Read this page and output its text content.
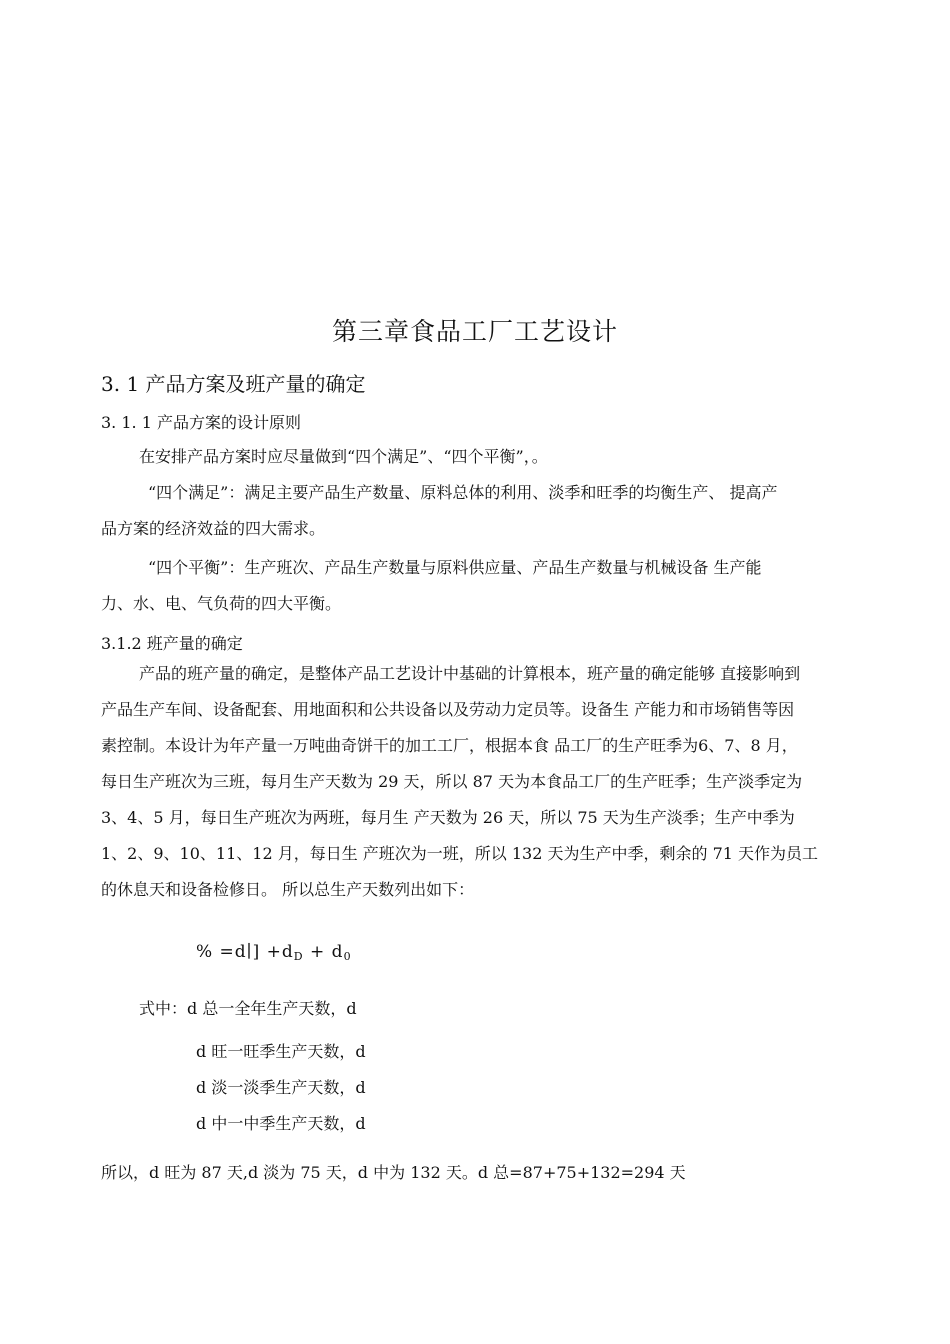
第三章食品工厂工艺设计
3. 1 产品方案及班产量的确定
3. 1. 1 产品方案的设计原则
在安排产品方案时应尽量做到“四个满足”、“四个平衡”，。
“四个满足”：满足主要产品生产数量、原料总体的利用、淡季和旺季的均衡生产、 提高产
品方案的经济效益的四大需求。
“四个平衡”：生产班次、产品生产数量与原料供应量、产品生产数量与机械设备 生产能
力、水、电、气负荷的四大平衡。
3.1.2 班产量的确定
产品的班产量的确定，是整体产品工艺设计中基础的计算根本，班产量的确定能够 直接影响到
产品生产车间、设备配套、用地面积和公共设备以及劳动力定员等。设备生 产能力和市场销售等因
素控制。本设计为年产量一万吨曲奇饼干的加工工厂，根据本食 品工厂的生产旺季为6、7、8 月，
每日生产班次为三班，每月生产天数为 29 天，所以 87 天为本食品工厂的生产旺季；生产淡季定为
3、4、5 月，每日生产班次为两班，每月生 产天数为 26 天，所以 75 天为生产淡季；生产中季为
1、2、9、10、11、12 月，每日生 产班次为一班，所以 132 天为生产中季，剩余的 71 天作为员工
的休息天和设备检修日。 所以总生产天数列出如下：
% =d∣] $+d_D + d_0$
式中：d 总一全年生产天数，d
d 旺一旺季生产天数，d
d 淡一淡季生产天数，d
d 中一中季生产天数，d
所以，d 旺为 87 天,d 淡为 75 天，d 中为 132 天。d 总=87+75+132=294 天
